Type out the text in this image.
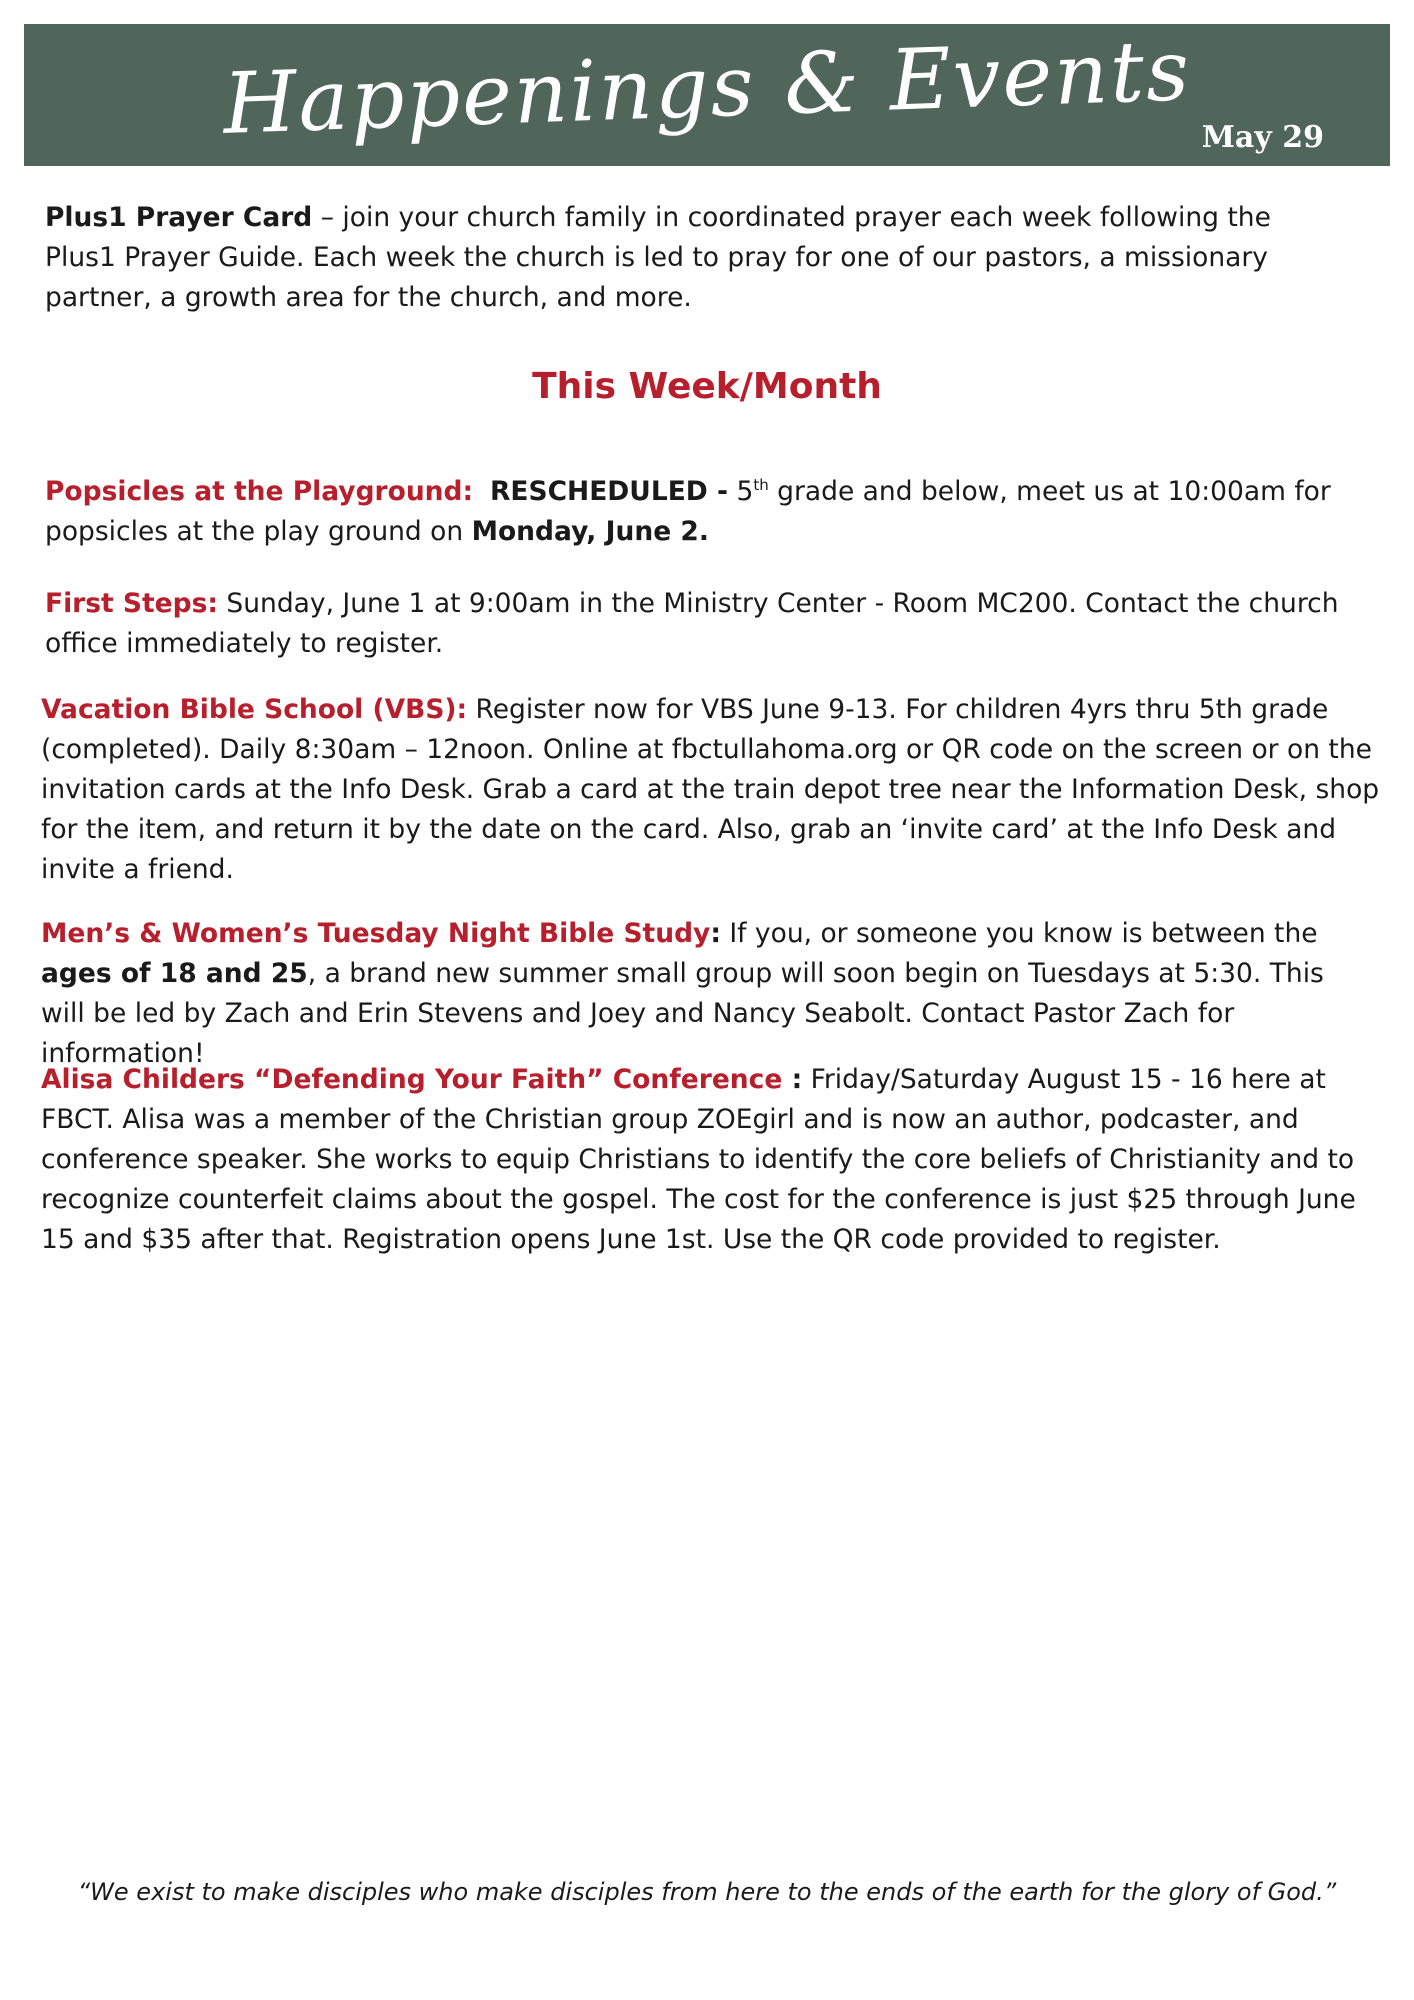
Happenings & Events May 29

Plus1 Prayer Card – join your church family in coordinated prayer each week following the Plus1 Prayer Guide. Each week the church is led to pray for one of our pastors, a missionary partner, a growth area for the church, and more.

This Week/Month

Popsicles at the Playground: RESCHEDULED - 5th grade and below, meet us at 10:00am for popsicles at the play ground on Monday, June 2.

First Steps: Sunday, June 1 at 9:00am in the Ministry Center - Room MC200. Contact the church office immediately to register.

Vacation Bible School (VBS): Register now for VBS June 9-13. For children 4yrs thru 5th grade (completed). Daily 8:30am – 12noon. Online at fbctullahoma.org or QR code on the screen or on the invitation cards at the Info Desk. Grab a card at the train depot tree near the Information Desk, shop for the item, and return it by the date on the card. Also, grab an ‘invite card’ at the Info Desk and invite a friend.

Men’s & Women’s Tuesday Night Bible Study: If you, or someone you know is between the ages of 18 and 25, a brand new summer small group will soon begin on Tuesdays at 5:30. This will be led by Zach and Erin Stevens and Joey and Nancy Seabolt. Contact Pastor Zach for information!

Alisa Childers “Defending Your Faith” Conference : Friday/Saturday August 15 - 16 here at FBCT. Alisa was a member of the Christian group ZOEgirl and is now an author, podcaster, and conference speaker. She works to equip Christians to identify the core beliefs of Christianity and to recognize counterfeit claims about the gospel. The cost for the conference is just $25 through June 15 and $35 after that. Registration opens June 1st. Use the QR code provided to register.

“We exist to make disciples who make disciples from here to the ends of the earth for the glory of God.”
